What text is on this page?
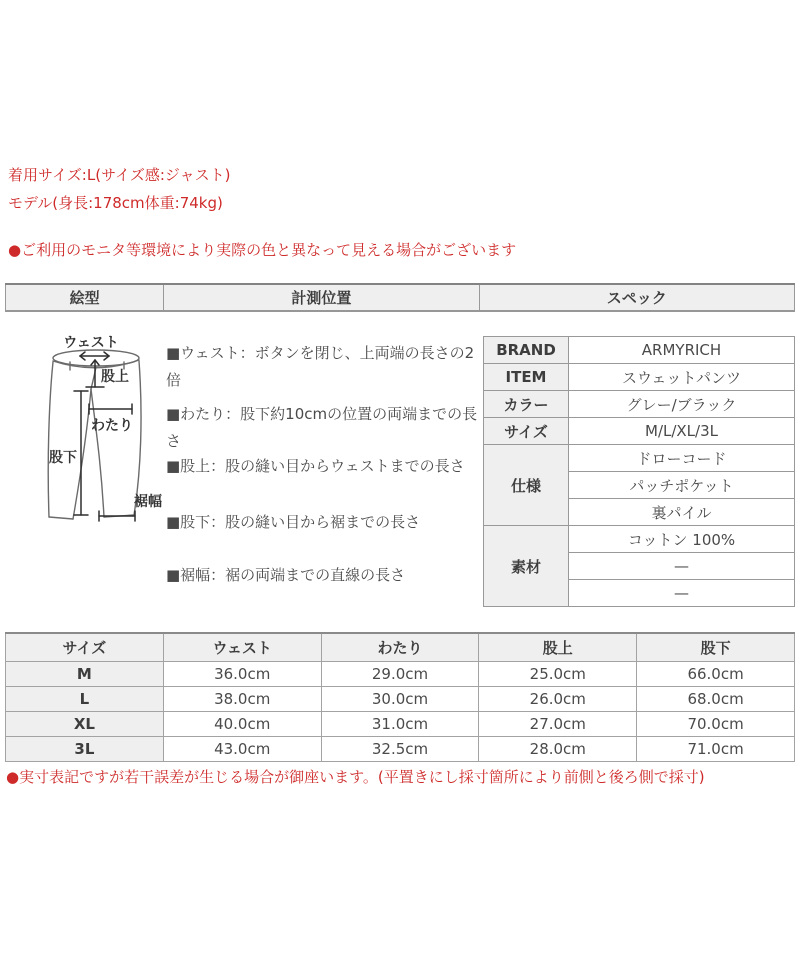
着用サイズ:L(サイズ感:ジャスト)
モデル(身長:178cm体重:74kg)
●ご利用のモニタ等環境により実際の色と異なって見える場合がございます
絵型	計測位置	スペック
ウェスト
股上
わたり
股下
裾幅
■ウェスト：ボタンを閉じ、上両端の長さの2倍
■わたり：股下約10cmの位置の両端までの長さ
■股上：股の縫い目からウェストまでの長さ
■股下：股の縫い目から裾までの長さ
■裾幅：裾の両端までの直線の長さ
BRAND	ARMYRICH
ITEM	スウェットパンツ
カラー	グレー/ブラック
サイズ	M/L/XL/3L
仕様	ドローコード
	パッチポケット
	裏パイル
素材	コットン 100%
	—
	—
サイズ	ウェスト	わたり	股上	股下
M	36.0cm	29.0cm	25.0cm	66.0cm
L	38.0cm	30.0cm	26.0cm	68.0cm
XL	40.0cm	31.0cm	27.0cm	70.0cm
3L	43.0cm	32.5cm	28.0cm	71.0cm
●実寸表記ですが若干誤差が生じる場合が御座います。(平置きにし採寸箇所により前側と後ろ側で採寸)
